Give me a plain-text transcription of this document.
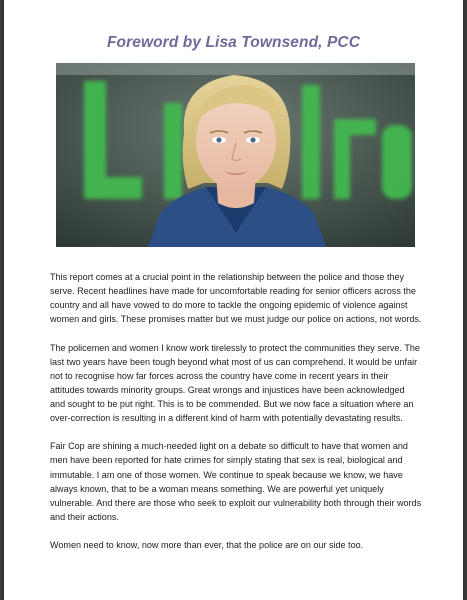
Foreword by Lisa Townsend, PCC

This report comes at a crucial point in the relationship between the police and those they serve. Recent headlines have made for uncomfortable reading for senior officers across the country and all have vowed to do more to tackle the ongoing epidemic of violence against women and girls. These promises matter but we must judge our police on actions, not words.

The policemen and women I know work tirelessly to protect the communities they serve. The last two years have been tough beyond what most of us can comprehend. It would be unfair not to recognise how far forces across the country have come in recent years in their attitudes towards minority groups. Great wrongs and injustices have been acknowledged and sought to be put right. This is to be commended. But we now face a situation where an over-correction is resulting in a different kind of harm with potentially devastating results.

Fair Cop are shining a much-needed light on a debate so difficult to have that women and men have been reported for hate crimes for simply stating that sex is real, biological and immutable. I am one of those women. We continue to speak because we know, we have always known, that to be a woman means something. We are powerful yet uniquely vulnerable. And there are those who seek to exploit our vulnerability both through their words and their actions.

Women need to know, now more than ever, that the police are on our side too.
